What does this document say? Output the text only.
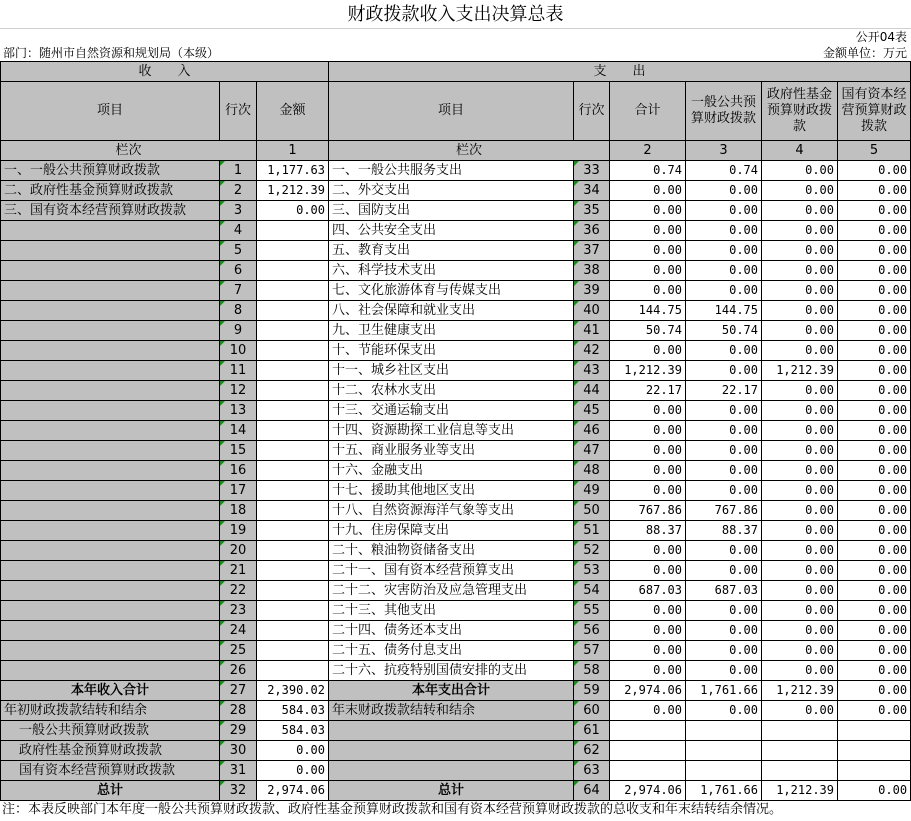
财政拨款收入支出决算总表
公开04表
部门：随州市自然资源和规划局（本级）	金额单位：万元
收　　入			支　　出					
项目	行次	金额	项目	行次	合计	一般公共预算财政拨款	政府性基金预算财政拨款	国有资本经营预算财政拨款
栏次		1	栏次		2	3	4	5
一、一般公共预算财政拨款	1	1,177.63	一、一般公共服务支出	33	0.74	0.74	0.00	0.00
二、政府性基金预算财政拨款	2	1,212.39	二、外交支出	34	0.00	0.00	0.00	0.00
三、国有资本经营预算财政拨款	3	0.00	三、国防支出	35	0.00	0.00	0.00	0.00
	4		四、公共安全支出	36	0.00	0.00	0.00	0.00
	5		五、教育支出	37	0.00	0.00	0.00	0.00
	6		六、科学技术支出	38	0.00	0.00	0.00	0.00
	7		七、文化旅游体育与传媒支出	39	0.00	0.00	0.00	0.00
	8		八、社会保障和就业支出	40	144.75	144.75	0.00	0.00
	9		九、卫生健康支出	41	50.74	50.74	0.00	0.00
	10		十、节能环保支出	42	0.00	0.00	0.00	0.00
	11		十一、城乡社区支出	43	1,212.39	0.00	1,212.39	0.00
	12		十二、农林水支出	44	22.17	22.17	0.00	0.00
	13		十三、交通运输支出	45	0.00	0.00	0.00	0.00
	14		十四、资源勘探工业信息等支出	46	0.00	0.00	0.00	0.00
	15		十五、商业服务业等支出	47	0.00	0.00	0.00	0.00
	16		十六、金融支出	48	0.00	0.00	0.00	0.00
	17		十七、援助其他地区支出	49	0.00	0.00	0.00	0.00
	18		十八、自然资源海洋气象等支出	50	767.86	767.86	0.00	0.00
	19		十九、住房保障支出	51	88.37	88.37	0.00	0.00
	20		二十、粮油物资储备支出	52	0.00	0.00	0.00	0.00
	21		二十一、国有资本经营预算支出	53	0.00	0.00	0.00	0.00
	22		二十二、灾害防治及应急管理支出	54	687.03	687.03	0.00	0.00
	23		二十三、其他支出	55	0.00	0.00	0.00	0.00
	24		二十四、债务还本支出	56	0.00	0.00	0.00	0.00
	25		二十五、债务付息支出	57	0.00	0.00	0.00	0.00
	26		二十六、抗疫特别国债安排的支出	58	0.00	0.00	0.00	0.00
本年收入合计	27	2,390.02	本年支出合计	59	2,974.06	1,761.66	1,212.39	0.00
年初财政拨款结转和结余	28	584.03	年末财政拨款结转和结余	60	0.00	0.00	0.00	0.00
一般公共预算财政拨款	29	584.03		61				
政府性基金预算财政拨款	30	0.00		62				
国有资本经营预算财政拨款	31	0.00		63				
总计	32	2,974.06	总计	64	2,974.06	1,761.66	1,212.39	0.00
注：本表反映部门本年度一般公共预算财政拨款、政府性基金预算财政拨款和国有资本经营预算财政拨款的总收支和年末结转结余情况。
